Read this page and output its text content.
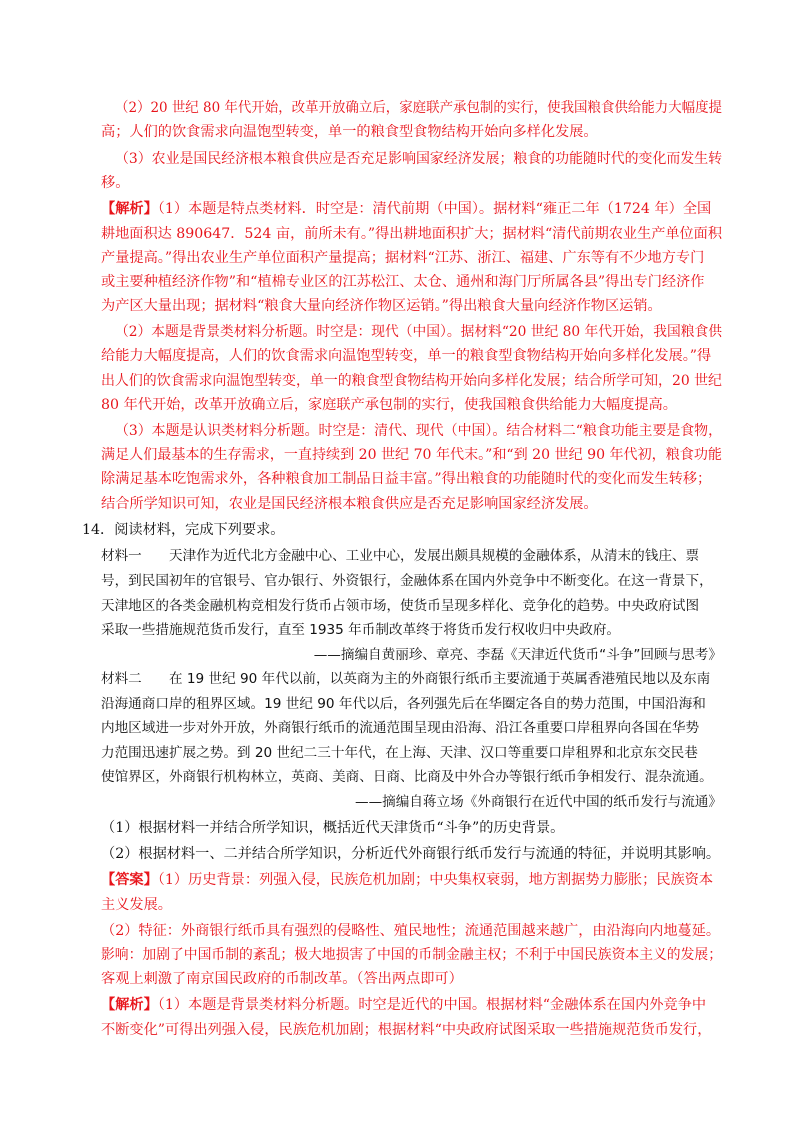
（2）20 世纪 80 年代开始，改革开放确立后，家庭联产承包制的实行，使我国粮食供给能力大幅度提
高；人们的饮食需求向温饱型转变，单一的粮食型食物结构开始向多样化发展。
（3）农业是国民经济根本粮食供应是否充足影响国家经济发展；粮食的功能随时代的变化而发生转
移。
【解析】（1）本题是特点类材料．时空是：清代前期（中国）。据材料“雍正二年（1724 年）全国
耕地面积达 890647．524 亩，前所未有。”得出耕地面积扩大；据材料“清代前期农业生产单位面积
产量提高。”得出农业生产单位面积产量提高；据材料“江苏、浙江、福建、广东等有不少地方专门
或主要种植经济作物”和“植棉专业区的江苏松江、太仓、通州和海门厅所属各县”得出专门经济作
为产区大量出现；据材料“粮食大量向经济作物区运销。”得出粮食大量向经济作物区运销。
（2）本题是背景类材料分析题。时空是：现代（中国）。据材料“20 世纪 80 年代开始，我国粮食供
给能力大幅度提高，人们的饮食需求向温饱型转变，单一的粮食型食物结构开始向多样化发展。”得
出人们的饮食需求向温饱型转变，单一的粮食型食物结构开始向多样化发展；结合所学可知，20 世纪
80 年代开始，改革开放确立后，家庭联产承包制的实行，使我国粮食供给能力大幅度提高。
（3）本题是认识类材料分析题。时空是：清代、现代（中国）。结合材料二“粮食功能主要是食物，
满足人们最基本的生存需求，一直持续到 20 世纪 70 年代末。”和“到 20 世纪 90 年代初，粮食功能
除满足基本吃饱需求外，各种粮食加工制品日益丰富。”得出粮食的功能随时代的变化而发生转移；
结合所学知识可知，农业是国民经济根本粮食供应是否充足影响国家经济发展。
14．阅读材料，完成下列要求。
材料一　　天津作为近代北方金融中心、工业中心，发展出颇具规模的金融体系，从清末的钱庄、票
号，到民国初年的官银号、官办银行、外资银行，金融体系在国内外竞争中不断变化。在这一背景下，
天津地区的各类金融机构竞相发行货币占领市场，使货币呈现多样化、竞争化的趋势。中央政府试图
采取一些措施规范货币发行，直至 1935 年币制改革终于将货币发行权收归中央政府。
——摘编自黄丽珍、章亮、李磊《天津近代货币“斗争”回顾与思考》
材料二　　在 19 世纪 90 年代以前，以英商为主的外商银行纸币主要流通于英属香港殖民地以及东南
沿海通商口岸的租界区域。19 世纪 90 年代以后，各列强先后在华圈定各自的势力范围，中国沿海和
内地区域进一步对外开放，外商银行纸币的流通范围呈现由沿海、沿江各重要口岸租界向各国在华势
力范围迅速扩展之势。到 20 世纪二三十年代，在上海、天津、汉口等重要口岸租界和北京东交民巷
使馆界区，外商银行机构林立，英商、美商、日商、比商及中外合办等银行纸币争相发行、混杂流通。
——摘编自蒋立场《外商银行在近代中国的纸币发行与流通》
（1）根据材料一并结合所学知识，概括近代天津货币“斗争”的历史背景。
（2）根据材料一、二并结合所学知识，分析近代外商银行纸币发行与流通的特征，并说明其影响。
【答案】（1）历史背景：列强入侵，民族危机加剧；中央集权衰弱，地方割据势力膨胀；民族资本
主义发展。
（2）特征：外商银行纸币具有强烈的侵略性、殖民地性；流通范围越来越广，由沿海向内地蔓延。
影响：加剧了中国币制的紊乱；极大地损害了中国的币制金融主权；不利于中国民族资本主义的发展；
客观上刺激了南京国民政府的币制改革。（答出两点即可）
【解析】（1）本题是背景类材料分析题。时空是近代的中国。根据材料“金融体系在国内外竞争中
不断变化”可得出列强入侵，民族危机加剧；根据材料“中央政府试图采取一些措施规范货币发行，
